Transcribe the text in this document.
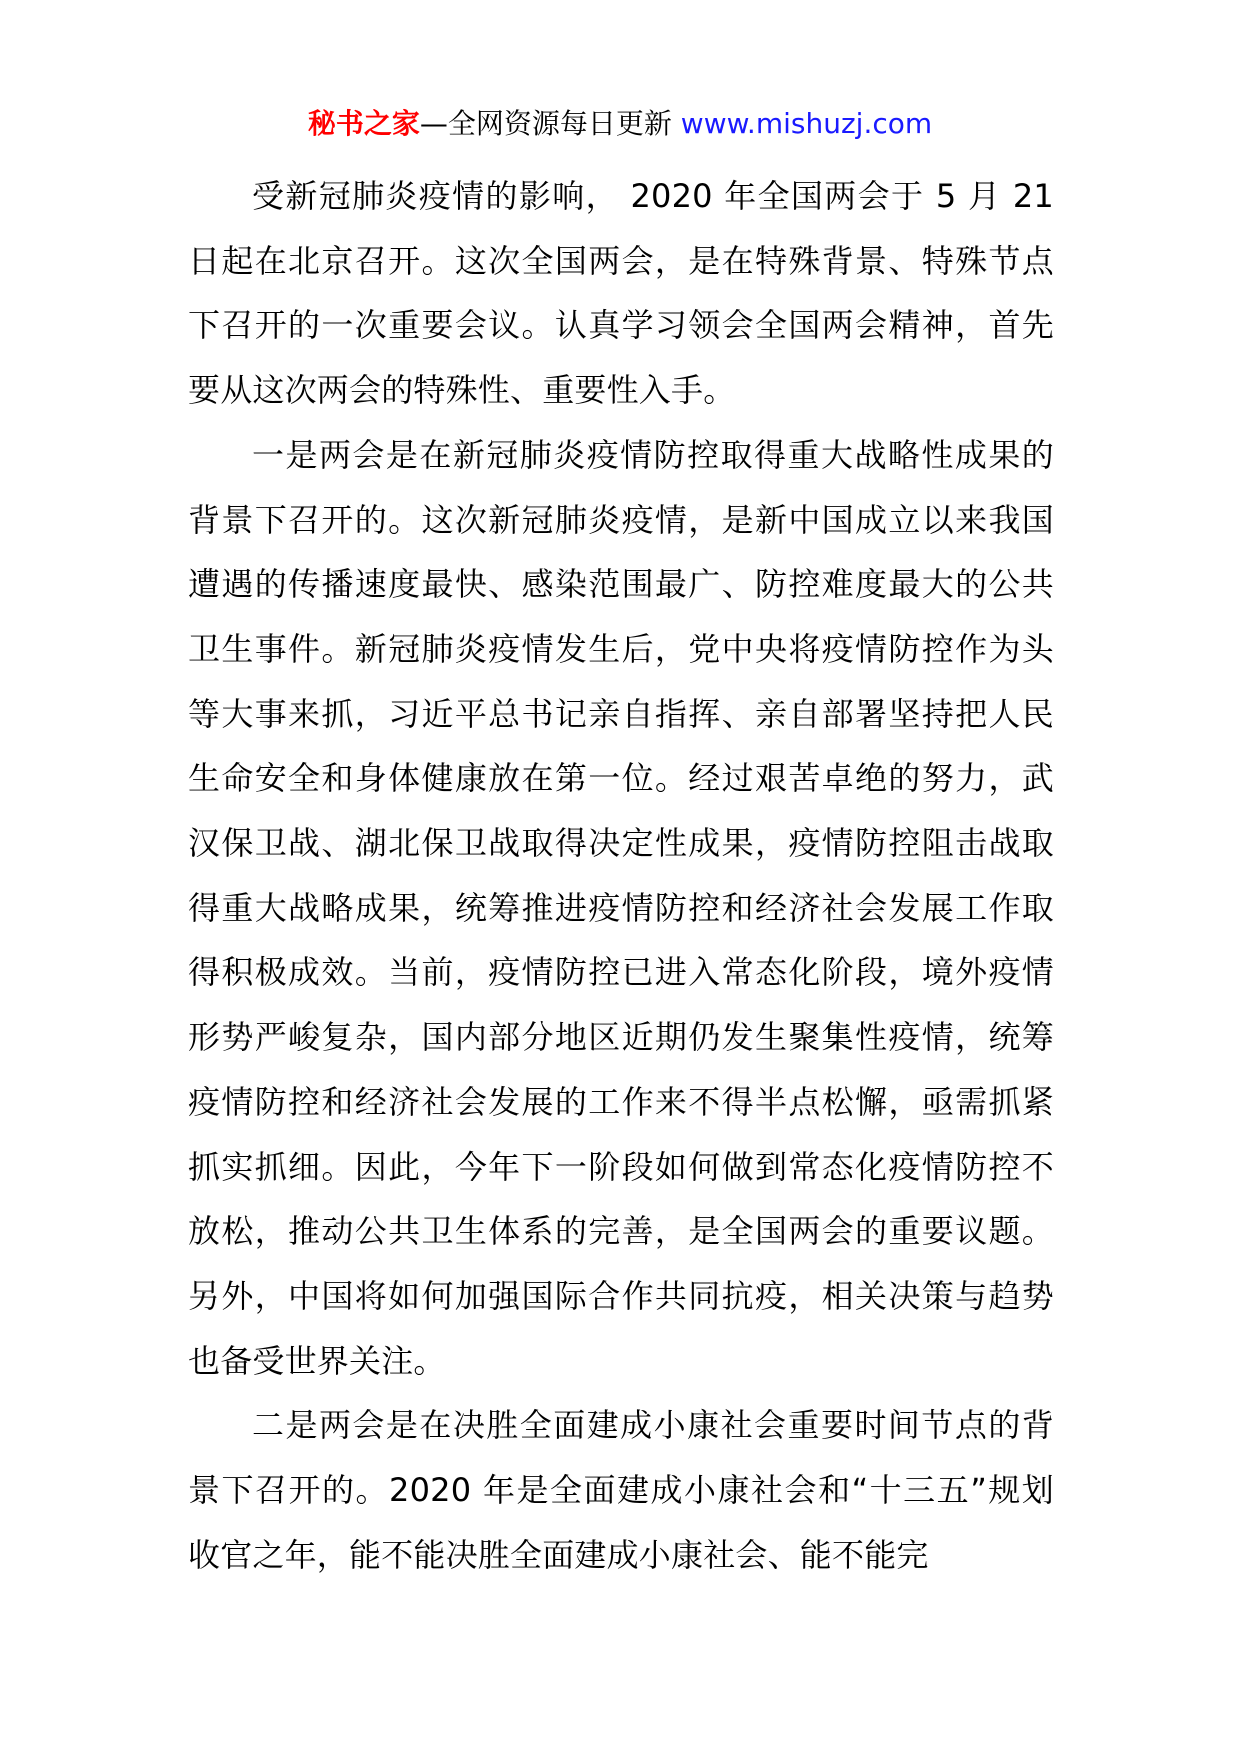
秘书之家—全网资源每日更新 www.mishuzj.com

受新冠肺炎疫情的影响， 2020 年全国两会于 5 月 21 日起在北京召开。这次全国两会，是在特殊背景、特殊节点下召开的一次重要会议。认真学习领会全国两会精神，首先要从这次两会的特殊性、重要性入手。

一是两会是在新冠肺炎疫情防控取得重大战略性成果的背景下召开的。这次新冠肺炎疫情，是新中国成立以来我国遭遇的传播速度最快、感染范围最广、防控难度最大的公共卫生事件。新冠肺炎疫情发生后，党中央将疫情防控作为头等大事来抓，习近平总书记亲自指挥、亲自部署坚持把人民生命安全和身体健康放在第一位。经过艰苦卓绝的努力，武汉保卫战、湖北保卫战取得决定性成果，疫情防控阻击战取得重大战略成果，统筹推进疫情防控和经济社会发展工作取得积极成效。当前，疫情防控已进入常态化阶段，境外疫情形势严峻复杂，国内部分地区近期仍发生聚集性疫情，统筹疫情防控和经济社会发展的工作来不得半点松懈，亟需抓紧抓实抓细。因此，今年下一阶段如何做到常态化疫情防控不放松，推动公共卫生体系的完善，是全国两会的重要议题。另外，中国将如何加强国际合作共同抗疫，相关决策与趋势也备受世界关注。

二是两会是在决胜全面建成小康社会重要时间节点的背景下召开的。2020 年是全面建成小康社会和“十三五”规划收官之年，能不能决胜全面建成小康社会、能不能完
